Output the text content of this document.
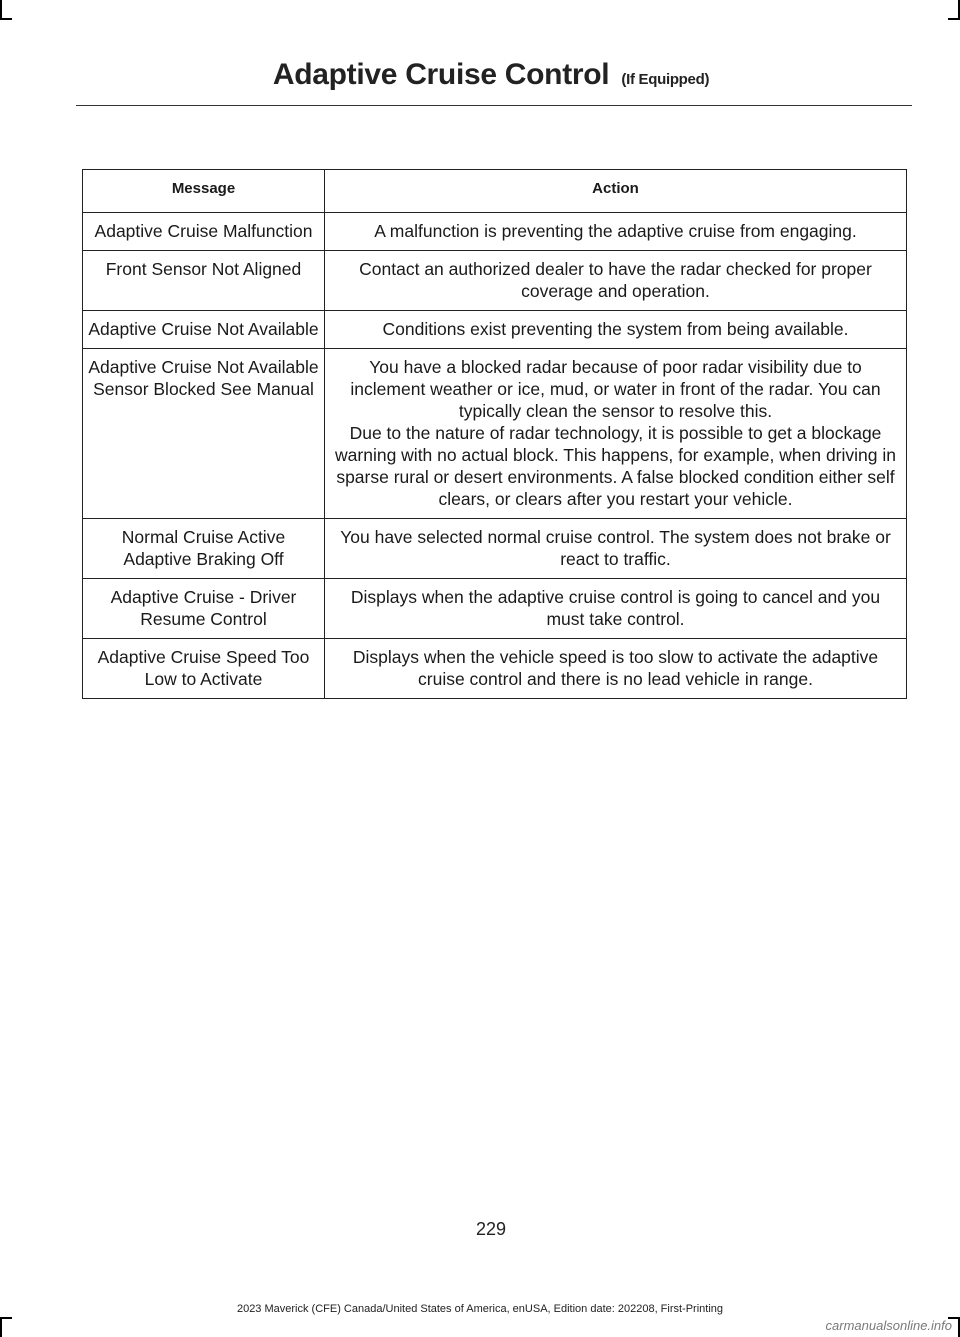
Adaptive Cruise Control (If Equipped)
Message	Action
Adaptive Cruise Malfunction	A malfunction is preventing the adaptive cruise from engaging.

Front Sensor Not Aligned	Contact an authorized dealer to have the radar checked for proper coverage and operation.

Adaptive Cruise Not Available	Conditions exist preventing the system from being available.

Adaptive Cruise Not Available Sensor Blocked See Manual	You have a blocked radar because of poor radar visibility due to inclement weather or ice, mud, or water in front of the radar. You can typically clean the sensor to resolve this.
Due to the nature of radar technology, it is possible to get a blockage warning with no actual block. This happens, for example, when driving in sparse rural or desert environments. A false blocked condition either self clears, or clears after you restart your vehicle.

Normal Cruise Active Adaptive Braking Off	You have selected normal cruise control. The system does not brake or react to traffic.

Adaptive Cruise - Driver Resume Control	Displays when the adaptive cruise control is going to cancel and you must take control.

Adaptive Cruise Speed Too Low to Activate	Displays when the vehicle speed is too slow to activate the adaptive cruise control and there is no lead vehicle in range.
229
2023 Maverick (CFE) Canada/United States of America, enUSA, Edition date: 202208, First-Printing
carmanualsonline.info
